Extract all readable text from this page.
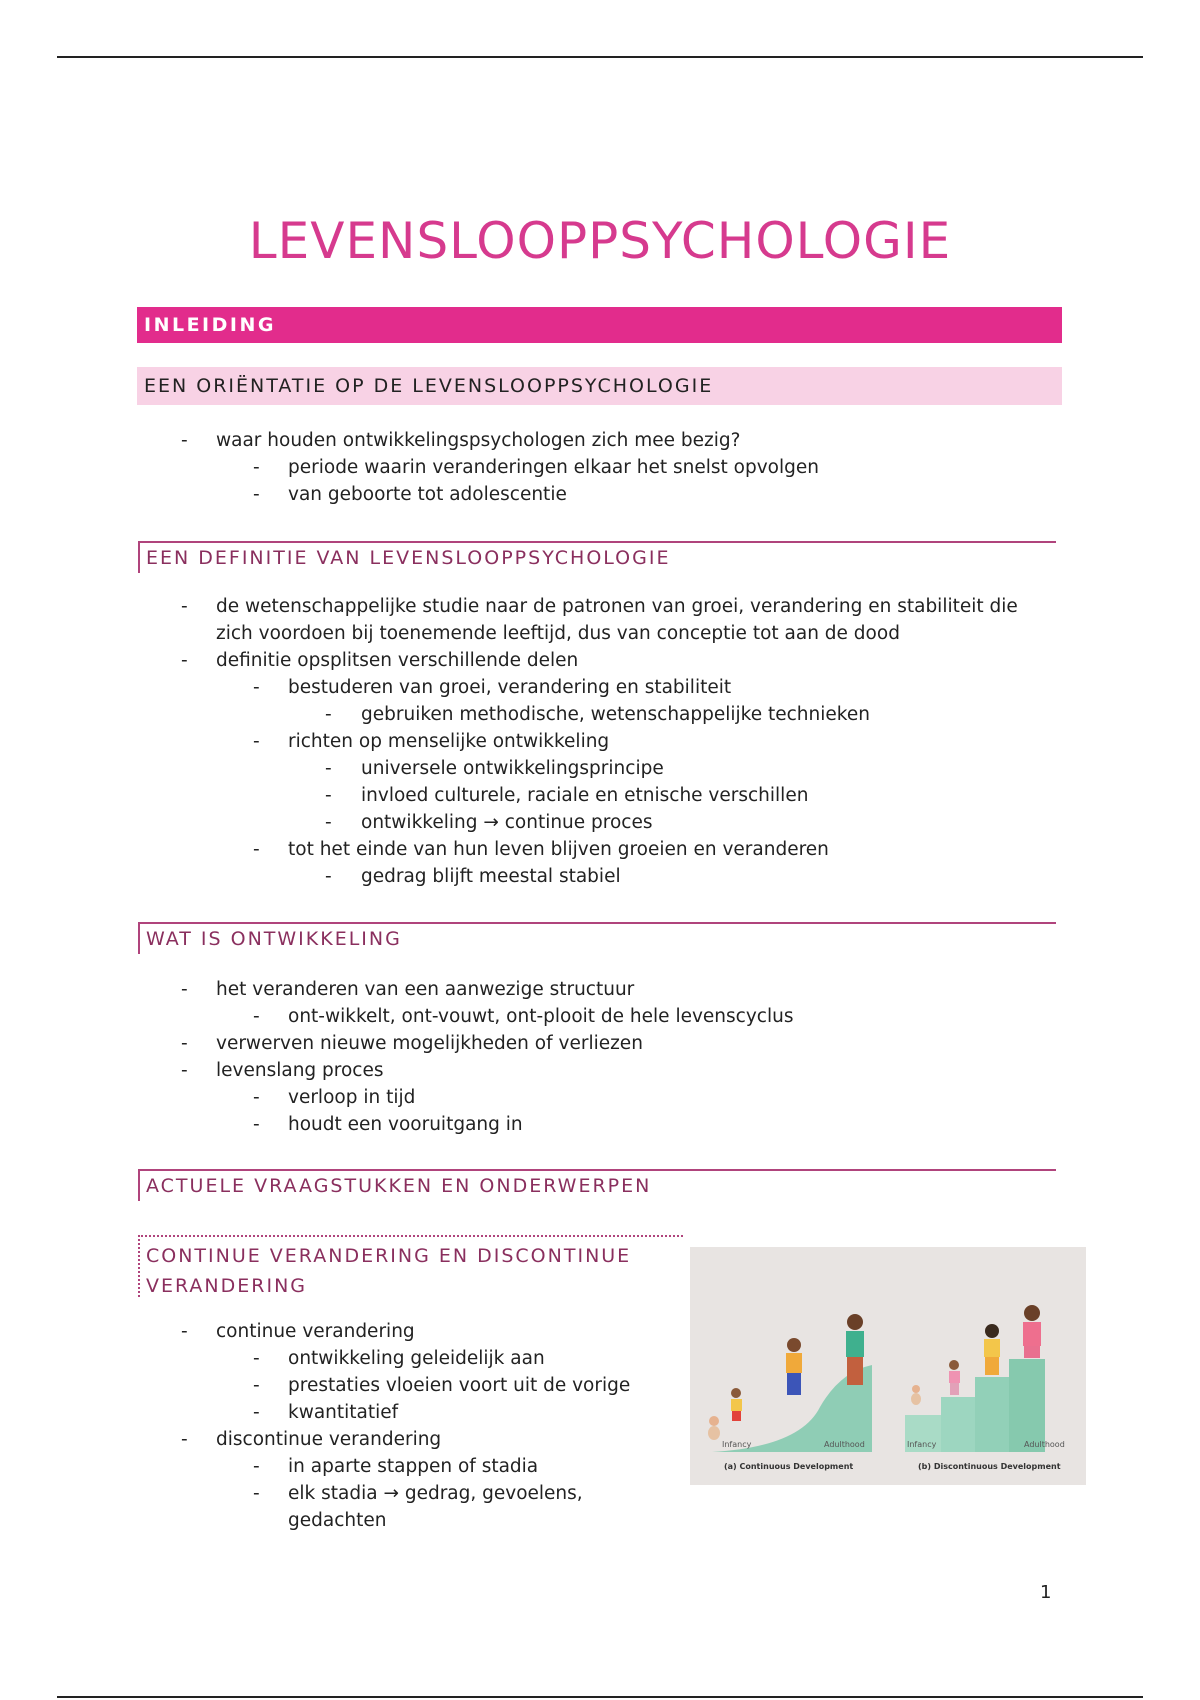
LEVENSLOOPPSYCHOLOGIE
INLEIDING
EEN ORIËNTATIE OP DE LEVENSLOOPPSYCHOLOGIE
- waar houden ontwikkelingspsychologen zich mee bezig?
- periode waarin veranderingen elkaar het snelst opvolgen
- van geboorte tot adolescentie
EEN DEFINITIE VAN LEVENSLOOPPSYCHOLOGIE
- de wetenschappelijke studie naar de patronen van groei, verandering en stabiliteit die zich voordoen bij toenemende leeftijd, dus van conceptie tot aan de dood
- definitie opsplitsen verschillende delen
- bestuderen van groei, verandering en stabiliteit
- gebruiken methodische, wetenschappelijke technieken
- richten op menselijke ontwikkeling
- universele ontwikkelingsprincipe
- invloed culturele, raciale en etnische verschillen
- ontwikkeling → continue proces
- tot het einde van hun leven blijven groeien en veranderen
- gedrag blijft meestal stabiel
WAT IS ONTWIKKELING
- het veranderen van een aanwezige structuur
- ont-wikkelt, ont-vouwt, ont-plooit de hele levenscyclus
- verwerven nieuwe mogelijkheden of verliezen
- levenslang proces
- verloop in tijd
- houdt een vooruitgang in
ACTUELE VRAAGSTUKKEN EN ONDERWERPEN
CONTINUE VERANDERING EN DISCONTINUE VERANDERING
- continue verandering
- ontwikkeling geleidelijk aan
- prestaties vloeien voort uit de vorige
- kwantitatief
- discontinue verandering
- in aparte stappen of stadia
- elk stadia → gedrag, gevoelens, gedachten
Infancy	Adulthood	Infancy	Adulthood
(a) Continuous Development	(b) Discontinuous Development
1
